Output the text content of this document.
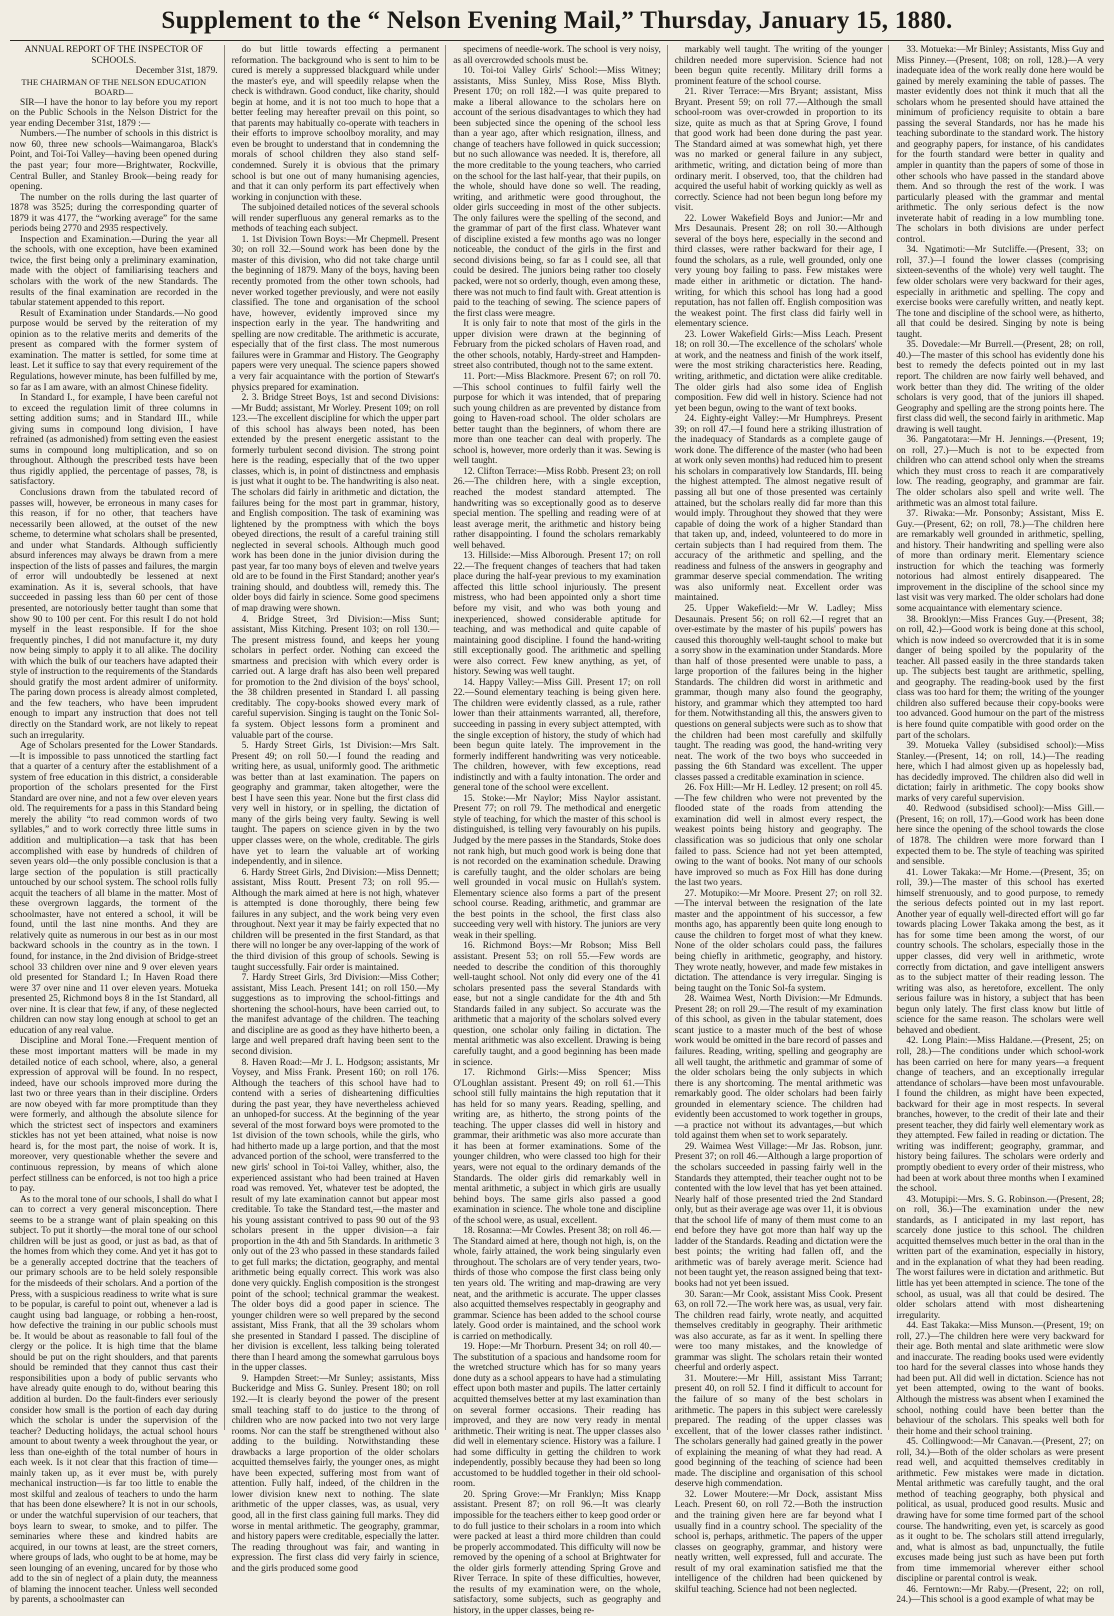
Supplement to the “ Nelson Evening Mail,” Thursday, January 15, 1880.

ANNUAL REPORT OF THE INSPECTOR OF SCHOOLS.

December 31st, 1879.

THE CHAIRMAN OF THE NELSON EDUCATION BOARD—

SIR—I have the honor to lay before you my report on the Public Schools in the Nelson District for the year ending December 31st, 1879 :—

Numbers.—The number of schools in this district is now 60, three new schools—Waimangaroa, Black's Point, and Toi-Toi Valley—having been opened during the past year; four more—Brightwater, Rockville, Central Buller, and Stanley Brook—being ready for opening.

The number on the rolls during the last quarter of 1878 was 3525; during the corresponding quarter of 1879 it was 4177, the “working average” for the same periods being 2770 and 2935 respectively.

Inspection and Examination.—During the year all the schools, with one exception, have been examined twice, the first being only a preliminary examination, made with the object of familiarising teachers and scholars with the work of the new Standards. The results of the final examination are recorded in the tabular statement appended to this report.

Result of Examination under Standards.—No good purpose would be served by the reiteration of my opinion as to the relative merits and demerits of the present as compared with the former system of examination. The matter is settled, for some time at least. Let it suffice to say that every requirement of the Regulations, however minute, has been fulfilled by me, so far as I am aware, with an almost Chinese fidelity.

In Standard I., for example, I have been careful not to exceed the regulation limit of three columns in setting addition sums; and in Standard III., while giving sums in compound long division, I have refrained (as admonished) from setting even the easiest sums in compound long multiplication, and so on throughout. Although the prescribed tests have been thus rigidly applied, the percentage of passes, 78, is satisfactory.

Conclusions drawn from the tabulated record of passes will, however, be erroneous in many cases for this reason, if for no other, that teachers have necessarily been allowed, at the outset of the new scheme, to determine what scholars shall be presented, and under what Standards. Although sufficiently absurd inferences may always be drawn from a mere inspection of the lists of passes and failures, the margin of error will undoubtedly be lessened at next examination. As it is, several schools, that have succeeded in passing less than 60 per cent of those presented, are notoriously better taught than some that show 90 to 100 per cent. For this result I do not hold myself in the least responsible. If for the shoe frequently pinches, I did not manufacture it, my duty now being simply to apply it to all alike. The docility with which the bulk of our teachers have adapted their style of instruction to the requirements of the Standards should gratify the most ardent admirer of uniformity. The paring down process is already almost completed, and the few teachers, who have been imprudent enough to impart any instruction that does not tell directly on the Standard work, are not likely to repeat such an irregularity.

Age of Scholars presented for the Lower Standards.—It is impossible to pass unnoticed the startling fact that a quarter of a century after the establishment of a system of free education in this district, a considerable proportion of the scholars presented for the First Standard are over nine, and not a few over eleven years old. The requirements for a pass in this Standard being merely the ability “to read common words of two syllables,” and to work correctly three little sums in addition and multiplication—a task that has been accomplished with ease by hundreds of children of seven years old—the only possible conclusion is that a large section of the population is still practically untouched by our school system. The school rolls fully acquit the teachers of all blame in the matter. Most of these overgrown laggards, the torment of the schoolmaster, have not entered a school, it will be found, until the last nine months. And they are relatively quite as numerous in our best as in our most backward schools in the country as in the town. I found, for instance, in the 2nd division of Bridge-street school 33 children over nine and 9 over eleven years old presented for Standard I.; In Haven Road there were 37 over nine and 11 over eleven years. Motueka presented 25, Richmond boys 8 in the 1st Standard, all over nine. It is clear that few, if any, of these neglected children can now stay long enough at school to get an education of any real value.

Discipline and Moral Tone.—Frequent mention of these most important matters will be made in my detailed notice of each school, where, also, a general expression of approval will be found. In no respect, indeed, have our schools improved more during the last two or three years than in their discipline. Orders are now obeyed with far more promptitude than they were formerly, and although the absolute silence for which the strictest sect of inspectors and examiners stickles has not yet been attained, what noise is now heard is, for the most part, the noise of work. It is, moreover, very questionable whether the severe and continuous repression, by means of which alone perfect stillness can be enforced, is not too high a price to pay.

As to the moral tone of our schools, I shall do what I can to correct a very general misconception. There seems to be a strange want of plain speaking on this subject. To put it shortly—the moral tone of our school children will be just as good, or just as bad, as that of the homes from which they come. And yet it has got to be a generally accepted doctrine that the teachers of our primary schools are to be held solely responsible for the misdeeds of their scholars. And a portion of the Press, with a suspicious readiness to write what is sure to be popular, is careful to point out, whenever a lad is caught using bad language, or robbing a hen-roost, how defective the training in our public schools must be. It would be about as reasonable to fall foul of the clergy or the police. It is high time that the blame should be put on the right shoulders, and that parents should be reminded that they cannot thus cast their responsibilities upon a body of public servants who have already quite enough to do, without bearing this addition al burden. Do the fault-finders ever seriously consider how small is the portion of each day during which the scholar is under the supervision of the teacher? Deducting holidays, the actual school hours amount to about twenty a week throughout the year, or less than one-eighth of the total number of hours in each week. Is it not clear that this fraction of time—mainly taken up, as it ever must be, with purely mechanical instruction—is far too little to enable the most skilful and zealous of teachers to undo the harm that has been done elsewhere? It is not in our schools, or under the watchful supervision of our teachers, that boys learn to swear, to smoke, and to pilfer. The seminaries where these and kindred habits are acquired, in our towns at least, are the street corners, where groups of lads, who ought to be at home, may be seen lounging of an evening, uncared for by those who add to the sin of neglect of a plain duty, the meanness of blaming the innocent teacher. Unless well seconded by parents, a schoolmaster can

do but little towards effecting a permanent reformation. The background who is sent to him to be cured is merely a suppressed blackguard while under the master's eye, and will speedily relapse when the check is withdrawn. Good conduct, like charity, should begin at home, and it is not too much to hope that a better feeling may hereafter prevail on this point, so that parents may habitually co-operate with teachers in their efforts to improve schoolboy morality, and may even be brought to understand that in condemning the morals of school children they also stand self-condemned. Surely it is obvious that the primary school is but one out of many humanising agencies, and that it can only perform its part effectively when working in conjunction with these.

The subjoined detailed notices of the several schools will render superfluous any general remarks as to the methods of teaching each subject.

1. 1st Division Town Boys:—Mr Chepmell. Present 30; on roll 32.—Sound work has been done by the master of this division, who did not take charge until the beginning of 1879. Many of the boys, having been recently promoted from the other town schools, had never worked together previously, and were not easily classified. The tone and organisation of the school have, however, evidently improved since my inspection early in the year. The handwriting and spelling are now creditable. The arithmetic is accurate, especially that of the first class. The most numerous failures were in Grammar and History. The Geography papers were very unequal. The science papers showed a very fair acquaintance with the portion of Stewart's physics prepared for examination.

2. 3. Bridge Street Boys, 1st and second Divisions:—Mr Budd; assistant, Mr Worley. Present 109; on roll 123.—The excellent discipline for which the upper part of this school has always been noted, has been extended by the present energetic assistant to the formerly turbulent second division. The strong point here is the reading, especially that of the two upper classes, which is, in point of distinctness and emphasis is just what it ought to be. The handwriting is also neat. The scholars did fairly in arithmetic and dictation, the failures being for the most part in grammar, history, and English composition. The task of examining was lightened by the promptness with which the boys obeyed directions, the result of a careful training still neglected in several schools. Although much good work has been done in the junior division during the past year, far too many boys of eleven and twelve years old are to be found in the First Standard; another year's training should, and doubtless will, remedy this. The older boys did fairly in science. Some good specimens of map drawing were shown.

4. Bridge Street, 3rd Division:—Miss Sunt; assistant, Miss Kitching. Present 103; on roll 130.—The present mistress found, and keeps her young scholars in perfect order. Nothing can exceed the smartness and precision with which every order is carried out. A large draft has also been well prepared for promotion to the 2nd division of the boys' school, the 38 children presented in Standard I. all passing creditably. The copy-books showed every mark of careful supervision. Singing is taught on the Tonic Sol-fa system. Object lessons form a prominent and valuable part of the course.

5. Hardy Street Girls, 1st Division:—Mrs Salt. Present 49; on roll 50.—I found the reading and writing here, as usual, uniformly good. The arithmetic was better than at last examination. The papers on geography and grammar, taken altogether, were the best I have seen this year. None but the first class did very well in history, or in spelling, the dictation of many of the girls being very faulty. Sewing is well taught. The papers on science given in by the two upper classes were, on the whole, creditable. The girls have yet to learn the valuable art of working independently, and in silence.

6. Hardy Street Girls, 2nd Division:—Miss Dennett; assistant, Miss Routt. Present 73; on roll 95.—Although the mark aimed at here is not high, whatever is attempted is done thoroughly, there being few failures in any subject, and the work being very even throughout. Next year it may be fairly expected that no children will be presented in the first Standard, as that there will no longer be any over-lapping of the work of the third division of this group of schools. Sewing is taught successfully. Fair order is maintained.

7. Hardy Street Girls, 3rd Division:—Miss Cother; assistant, Miss Leach. Present 141; on roll 150.—My suggestions as to improving the school-fittings and shortening the school-hours, have been carried out, to the manifest advantage of the children. The teaching and discipline are as good as they have hitherto been, a large and well prepared draft having been sent to the second division.

8. Haven Road:—Mr J. L. Hodgson; assistants, Mr Voysey, and Miss Frank. Present 160; on roll 176. Although the teachers of this school have had to contend with a series of disheartening difficulties during the past year, they have nevertheless achieved an unhoped-for success. At the beginning of the year several of the most forward boys were promoted to the 1st division of the town schools, while the girls, who had hitherto made up a large portion, and that the most advanced portion of the school, were transferred to the new girls' school in Toi-toi Valley, whither, also, the experienced assistant who had been trained at Haven road was removed. Yet, whatever test be adopted, the result of my late examination cannot but appear most creditable. To take the Standard test,—the master and his young assistant contrived to pass 90 out of the 93 scholars present in the upper division—a fair proportion in the 4th and 5th Standards. In arithmetic 3 only out of the 23 who passed in these standards failed to get full marks; the dictation, geography, and mental arithmetic being equally correct. This work was also done very quickly. English composition is the strongest point of the school; technical grammar the weakest. The older boys did a good paper in science. The younger children were so well prepared by the second assistant, Miss Frank, that all the 39 scholars whom she presented in Standard I passed. The discipline of her division is excellent, less talking being tolerated there than I heard among the somewhat garrulous boys in the upper classes.

9. Hampden Street:—Mr Sunley; assistants, Miss Buckeridge and Miss G. Sunley. Present 180; on roll 192.—It is clearly beyond the power of the present small teaching staff to do justice to the throng of children who are now packed into two not very large rooms. Nor can the staff be strengthened without also adding to the building. Notwithstanding these drawbacks a large proportion of the older scholars acquitted themselves fairly, the younger ones, as might have been expected, suffering most from want of attention. Fully half, indeed, of the children in the lower division knew next to nothing. The slate arithmetic of the upper classes, was, as usual, very good, all in the first class gaining full marks. They did worse in mental arithmetic. The geography, grammar, and history papers were creditable, especially the latter. The reading throughout was fair, and wanting in expression. The first class did very fairly in science, and the girls produced some good

specimens of needle-work. The school is very noisy, as all overcrowded schools must be.

10. Toi-toi Valley Girls' School:—Miss Witney; assistants, Miss Sunley, Miss Rose, Miss Blyth. Present 170; on roll 182.—I was quite prepared to make a liberal allowance to the scholars here on account of the serious disadvantages to which they had been subjected since the opening of the school less than a year ago, after which resignation, illness, and change of teachers have followed in quick succession; but no such allowance was needed. It is, therefore, all the more creditable to the young teachers, who carried on the school for the last half-year, that their pupils, on the whole, should have done so well. The reading, writing, and arithmetic were good throughout, the older girls succeeding in most of the other subjects. The only failures were the spelling of the second, and the grammar of part of the first class. Whatever want of discipline existed a few months ago was no longer noticeable, the conduct of the girls in the first and second divisions being, so far as I could see, all that could be desired. The juniors being rather too closely packed, were not so orderly, though, even among these, there was not much to find fault with. Great attention is paid to the teaching of sewing. The science papers of the first class were meagre.

It is only fair to note that most of the girls in the upper division were drawn at the beginning of February from the picked scholars of Haven road, and the other schools, notably, Hardy-street and Hampden-street also contributed, though not to the same extent.

11. Port:—Miss Blackmore. Present 67; on roll 70.—This school continues to fulfil fairly well the purpose for which it was intended, that of preparing such young children as are prevented by distance from going to Haven-road school. The older scholars are better taught than the beginners, of whom there are more than one teacher can deal with properly. The school is, however, more orderly than it was. Sewing is well taught.

12. Clifton Terrace:—Miss Robb. Present 23; on roll 26.—The children here, with a single exception, reached the modest standard attempted. The handwriting was so exceptionally good as to deserve special mention. The spelling and reading were of at least average merit, the arithmetic and history being rather disappointing. I found the scholars remarkably well behaved.

13. Hillside:—Miss Alborough. Present 17; on roll 22.—The frequent changes of teachers that had taken place during the half-year previous to my examination affected this little school injuriously. The present mistress, who had been appointed only a short time before my visit, and who was both young and inexperienced, showed considerable aptitude for teaching, and was methodical and quite capable of maintaining good discipline. I found the hand-writing still exceptionally good. The arithmetic and spelling were also correct. Few knew anything, as yet, of history. Sewing was well taught.

14. Happy Valley:—Miss Gill. Present 17; on roll 22.—Sound elementary teaching is being given here. The children were evidently classed, as a rule, rather lower than their attainments warranted, all, therefore, succeeding in passing in every subject attempted, with the single exception of history, the study of which had been begun quite lately. The improvement in the formerly indifferent handwriting was very noticeable. The children, however, with few exceptions, read indistinctly and with a faulty intonation. The order and general tone of the school were excellent.

15. Stoke:—Mr Naylor; Miss Naylor assistant. Present 77; on roll 79. The methodical and energetic style of teaching, for which the master of this school is distinguished, is telling very favourably on his pupils. Judged by the mere passes in the Standards, Stoke does not rank high, but much good work is being done that is not recorded on the examination schedule. Drawing is carefully taught, and the older scholars are being well grounded in vocal music on Hullah's system. Elementary science also forms a part of the present school course. Reading, arithmetic, and grammar are the best points in the school, the first class also succeeding very well with history. The juniors are very weak in their spelling.

16. Richmond Boys:—Mr Robson; Miss Bell assistant. Present 53; on roll 55.—Few words are needed to describe the condition of this thoroughly well-taught school. Not only did every one of the 41 scholars presented pass the several Standards with ease, but not a single candidate for the 4th and 5th Standards failed in any subject. So accurate was the arithmetic that a majority of the scholars solved every question, one scholar only failing in dictation. The mental arithmetic was also excellent. Drawing is being carefully taught, and a good beginning has been made in science.

17. Richmond Girls:—Miss Spencer; Miss O'Loughlan assistant. Present 49; on roll 61.—This school still fully maintains the high reputation that it has held for so many years. Reading, spelling, and writing are, as hitherto, the strong points of the teaching. The upper classes did well in history and grammar, their arithmetic was also more accurate than it has been at former examinations. Some of the younger children, who were classed too high for their years, were not equal to the ordinary demands of the Standards. The older girls did remarkably well in mental arithmetic, a subject in which girls are usually behind boys. The same girls also passed a good examination in science. The whole tone and discipline of the school were, as usual, excellent.

18. Rosanna:—Mr Cowles. Present 38; on roll 46.—The Standard aimed at here, though not high, is, on the whole, fairly attained, the work being singularly even throughout. The scholars are of very tender years, two-thirds of those who compose the first class being only ten years old. The writing and map-drawing are very neat, and the arithmetic is accurate. The upper classes also acquitted themselves respectably in geography and grammar. Science has been added to the school course lately. Good order is maintained, and the school work is carried on methodically.

19. Hope:—Mr Thorburn. Present 34; on roll 40.—The substitution of a spacious and handsome room for the wretched structure which has for so many years done duty as a school appears to have had a stimulating effect upon both master and pupils. The latter certainly acquitted themselves better at my last examination than on several former occasions. Their reading has improved, and they are now very ready in mental arithmetic. Their writing is neat. The upper classes also did well in elementary science. History was a failure. I had some difficulty in getting the children to work independently, possibly because they had been so long accustomed to be huddled together in their old school-room.

20. Spring Grove:—Mr Franklyn; Miss Knapp assistant. Present 87; on roll 96.—It was clearly impossible for the teachers either to keep good order or to do full justice to their scholars in a room into which were packed at least a third more children than could be properly accommodated. This difficulty will now be removed by the opening of a school at Brightwater for the older girls formerly attending Spring Grove and River Terrace. In spite of these difficulties, however, the results of my examination were, on the whole, satisfactory, some subjects, such as geography and history, in the upper classes, being re-

markably well taught. The writing of the younger children needed more supervision. Science had not been begun quite recently. Military drill forms a prominent feature of the school course.

21. River Terrace:—Mrs Bryant; assistant, Miss Bryant. Present 59; on roll 77.—Although the small school-room was over-crowded in proportion to its size, quite as much as that at Spring Grove, I found that good work had been done during the past year. The Standard aimed at was somewhat high, yet there was no marked or general failure in any subject, arithmetic, writing, and dictation being of more than ordinary merit. I observed, too, that the children had acquired the useful habit of working quickly as well as correctly. Science had not been begun long before my visit.

22. Lower Wakefield Boys and Junior:—Mr and Mrs Desaunais. Present 28; on roll 30.—Although several of the boys here, especially in the second and third classes, were rather backward for their age, I found the scholars, as a rule, well grounded, only one very young boy failing to pass. Few mistakes were made either in arithmetic or dictation. The hand-writing, for which this school has long had a good reputation, has not fallen off. English composition was the weakest point. The first class did fairly well in elementary science.

23. Lower Wakefield Girls:—Miss Leach. Present 18; on roll 30.—The excellence of the scholars' whole at work, and the neatness and finish of the work itself, were the most striking characteristics here. Reading, writing, arithmetic, and dictation were alike creditable. The older girls had also some idea of English composition. Few did well in history. Science had not yet been begun, owing to the want of text books.

24. Eighty-eight Valley:—Mr Humphreys. Present 39; on roll 47.—I found here a striking illustration of the inadequacy of Standards as a complete gauge of work done. The difference of the master (who had been at work only seven months) had reduced him to present his scholars in comparatively low Standards, III. being the highest attempted. The almost negative result of passing all but one of those presented was certainly attained, but the scholars really did far more than this would imply. Throughout they showed that they were capable of doing the work of a higher Standard than that taken up, and, indeed, volunteered to do more in certain subjects than I had required from them. The accuracy of the arithmetic and spelling, and the readiness and fulness of the answers in geography and grammar deserve special commendation. The writing was also uniformly neat. Excellent order was maintained.

25. Upper Wakefield:—Mr W. Ladley; Miss Desaunais. Present 56; on roll 62.—I regret that an over-estimate by the master of his pupils' powers has caused this thoroughly well-taught school to make but a sorry show in the examination under Standards. More than half of those presented were unable to pass, a large proportion of the failures being in the higher Standards. The children did worst in arithmetic and grammar, though many also found the geography, history, and grammar which they attempted too hard for them. Notwithstanding all this, the answers given to questions on general subjects were such as to show that the children had been most carefully and skilfully taught. The reading was good, the hand-writing very neat. The work of the two boys who succeeded in passing the 6th Standard was excellent. The upper classes passed a creditable examination in science.

26. Fox Hill:—Mr H. Ledley. 12 present; on roll 45.—The few children who were not prevented by the flooded state of the roads from attending the examination did well in almost every respect, the weakest points being history and geography. The classification was so judicious that only one scholar failed to pass. Science had not yet been attempted, owing to the want of books. Not many of our schools have improved so much as Fox Hill has done during the last two years.

27. Motupiko:—Mr Moore. Present 27; on roll 32.—The interval between the resignation of the late master and the appointment of his successor, a few months ago, has apparently been quite long enough to cause the children to forget most of what they knew. None of the older scholars could pass, the failures being chiefly in arithmetic, geography, and history. They wrote neatly, however, and made few mistakes in dictation. The attendance is very irregular. Singing is being taught on the Tonic Sol-fa system.

28. Waimea West, North Division:—Mr Edmunds. Present 28; on roll 29.—The result of my examination of this school, as given in the tabular statement, does scant justice to a master much of the best of whose work would be omitted in the bare record of passes and failures. Reading, writing, spelling and geography are all well taught, the arithmetic and grammar of some of the older scholars being the only subjects in which there is any shortcoming. The mental arithmetic was remarkably good. The older scholars had been fairly grounded in elementary science. The children had evidently been accustomed to work together in groups,—a practice not without its advantages,—but which told against them when set to work separately.

29. Waimea West Village:—Mr Jas. Robson, junr. Present 37; on roll 46.—Although a large proportion of the scholars succeeded in passing fairly well in the Standards they attempted, their teacher ought not to be contented with the low level that has yet been attained. Nearly half of those presented tried the 2nd Standard only, but as their average age was over 11, it is obvious that the school life of many of them must come to an end before they have got more than half way up the ladder of the Standards. Reading and dictation were the best points; the writing had fallen off, and the arithmetic was of barely average merit. Science had not been taught yet, the reason assigned being that text-books had not yet been issued.

30. Saran:—Mr Cook, assistant Miss Cook. Present 63, on roll 72.—The work here was, as usual, very fair. The children read fairly, wrote neatly, and acquitted themselves creditably in geography. Their arithmetic was also accurate, as far as it went. In spelling there were too many mistakes, and the knowledge of grammar was slight. The scholars retain their wonted cheerful and orderly aspect.

31. Moutere:—Mr Hill, assistant Miss Tarrant; present 40, on roll 52. I find it difficult to account for the failure of so many of the best scholars in arithmetic. The papers in this subject were carelessly prepared. The reading of the upper classes was excellent, that of the lower classes rather indistinct. The scholars generally had gained greatly in the power of explaining the meaning of what they had read. A good beginning of the teaching of science had been made. The discipline and organisation of this school deserve high commendation.

32. Lower Moutere:—Mr Dock, assistant Miss Leach. Present 60, on roll 72.—Both the instruction and the training given here are far beyond what I usually find in a country school. The speciality of the school is, perhaps, arithmetic. The papers of the upper classes on geography, grammar, and history were neatly written, well expressed, full and accurate. The result of my oral examination satisfied me that the intelligence of the children had been quickened by skilful teaching. Science had not been neglected.

33. Motueka:—Mr Binley; Assistants, Miss Guy and Miss Pinney.—(Present, 108; on roll, 128.)—A very inadequate idea of the work really done here would be gained by merely examining the table of passes. The master evidently does not think it much that all the scholars whom he presented should have attained the minimum of proficiency requisite to obtain a bare passing the several Standards, nor has he made his teaching subordinate to the standard work. The history and geography papers, for instance, of his candidates for the fourth standard were better in quality and ampler in quantity than the papers of some of those in other schools who have passed in the standard above them. And so through the rest of the work. I was particularly pleased with the grammar and mental arithmetic. The only serious defect is the now inveterate habit of reading in a low mumbling tone. The scholars in both divisions are under perfect control.

34. Ngatimoti:—Mr Sutcliffe.—(Present, 33; on roll, 37.)—I found the lower classes (comprising sixteen-sevenths of the whole) very well taught. The few older scholars were very backward for their ages, especially in arithmetic and spelling. The copy and exercise books were carefully written, and neatly kept. The tone and discipline of the school were, as hitherto, all that could be desired. Singing by note is being taught.

35. Dovedale:—Mr Burrell.—(Present, 28; on roll, 40.)—The master of this school has evidently done his best to remedy the defects pointed out in my last report. The children are now fairly well behaved, and work better than they did. The writing of the older scholars is very good, that of the juniors ill shaped. Geography and spelling are the strong points here. The first class did well, the second fairly in arithmetic. Map drawing is well taught.

36. Pangatotara:—Mr H. Jennings.—(Present, 19; on roll, 27.)—Much is not to be expected from children who can attend school only when the streams which they must cross to reach it are comparatively low. The reading, geography, and grammar are fair. The older scholars also spell and write well. The arithmetic was an almost total failure.

37. Riwaka:—Mr. Ponsonby; Assistant, Miss E. Guy.—(Present, 62; on roll, 78.)—The children here are remarkably well grounded in arithmetic, spelling, and history. Their handwriting and spelling were also of more than ordinary merit. Elementary science instruction for which the teaching was formerly notorious had almost entirely disappeared. The improvement in the discipline of the school since my last visit was very marked. The older scholars had done some acquaintance with elementary science.

38. Brooklyn:—Miss Frances Guy.—(Present, 38; on roll, 42.)—Good work is being done at this school, which is now indeed so overcrowded that it is in some danger of being spoiled by the popularity of the teacher. All passed easily in the three standards taken up. The subjects best taught are arithmetic, spelling, and geography. The reading-book used by the first class was too hard for them; the writing of the younger children also suffered because their copy-books were too advanced. Good humour on the part of the mistress is here found quite compatible with good order on the part of the scholars.

39. Motueka Valley (subsidised school):—Miss Stanley.—(Present, 14; on roll, 14.)—The reading here, which I had almost given up as hopelessly bad, has decidedly improved. The children also did well in dictation; fairly in arithmetic. The copy books show marks of very careful supervision.

40. Redwood (subsidised school):—Miss Gill.—(Present, 16; on roll, 17).—Good work has been done here since the opening of the school towards the close of 1878. The children were more forward than I expected them to be. The style of teaching was spirited and sensible.

41. Lower Takaka:—Mr Home.—(Present, 35; on roll, 39.)—The master of this school has exerted himself strenuously, and to good purpose, to remedy the serious defects pointed out in my last report. Another year of equally well-directed effort will go far towards placing Lower Takaka among the best, as it has for some time been among the worst, of our country schools. The scholars, especially those in the upper classes, did very well in arithmetic, wrote correctly from dictation, and gave intelligent answers as to the subject matter of their reading lesson. The writing was also, as heretofore, excellent. The only serious failure was in history, a subject that has been begun only lately. The first class know but little of science for the same reason. The scholars were well behaved and obedient.

42. Long Plain:—Miss Haldane.—(Present, 25; on roll, 28.)—The conditions under which school-work has been carried on here for many years—a frequent change of teachers, and an exceptionally irregular attendance of scholars—have been most unfavourable. I found the children, as might have been expected, backward for their age in most respects. In several branches, however, to the credit of their late and their present teacher, they did fairly well elementary work as they attempted. Few failed in reading or dictation. The writing was indifferent; geography, grammar, and history being failures. The scholars were orderly and promptly obedient to every order of their mistress, who had been at work about three months when I examined the school.

43. Motupipi:—Mrs. S. G. Robinson.—(Present, 28; on roll, 36.)—The examination under the new standards, as I anticipated in my last report, has scarcely done justice to this school. The children acquitted themselves much better in the oral than in the written part of the examination, especially in history, and in the explanation of what they had been reading. The worst failures were in dictation and arithmetic. But little has yet been attempted in science. The tone of the school, as usual, was all that could be desired. The older scholars attend with most disheartening irregularity.

44. East Takaka:—Miss Munson.—(Present, 19; on roll, 27.)—The children here were very backward for their age. Both mental and slate arithmetic were slow and inaccurate. The reading books used were evidently too hard for the several classes into whose hands they had been put. All did well in dictation. Science has not yet been attempted, owing to the want of books. Although the mistress was absent when I examined the school, nothing could have been better than the behaviour of the scholars. This speaks well both for their home and their school training.

45. Collingwood:—Mr Canavan.—(Present, 27; on roll, 34.)—Both of the older scholars as were present read well, and acquitted themselves creditably in arithmetic. Few mistakes were made in dictation. Mental arithmetic was carefully taught, and the oral method of teaching geography, both physical and political, as usual, produced good results. Music and drawing have for some time formed part of the school course. The handwriting, even yet, is scarcely as good as it ought to be. The scholars still attend irregularly, and, what is almost as bad, unpunctually, the futile excuses made being just such as have been put forth from time immemorial wherever either school discipline or parental control is weak.

46. Ferntown:—Mr Raby.—(Present, 22; on roll, 24.)—This school is a good example of what may be
